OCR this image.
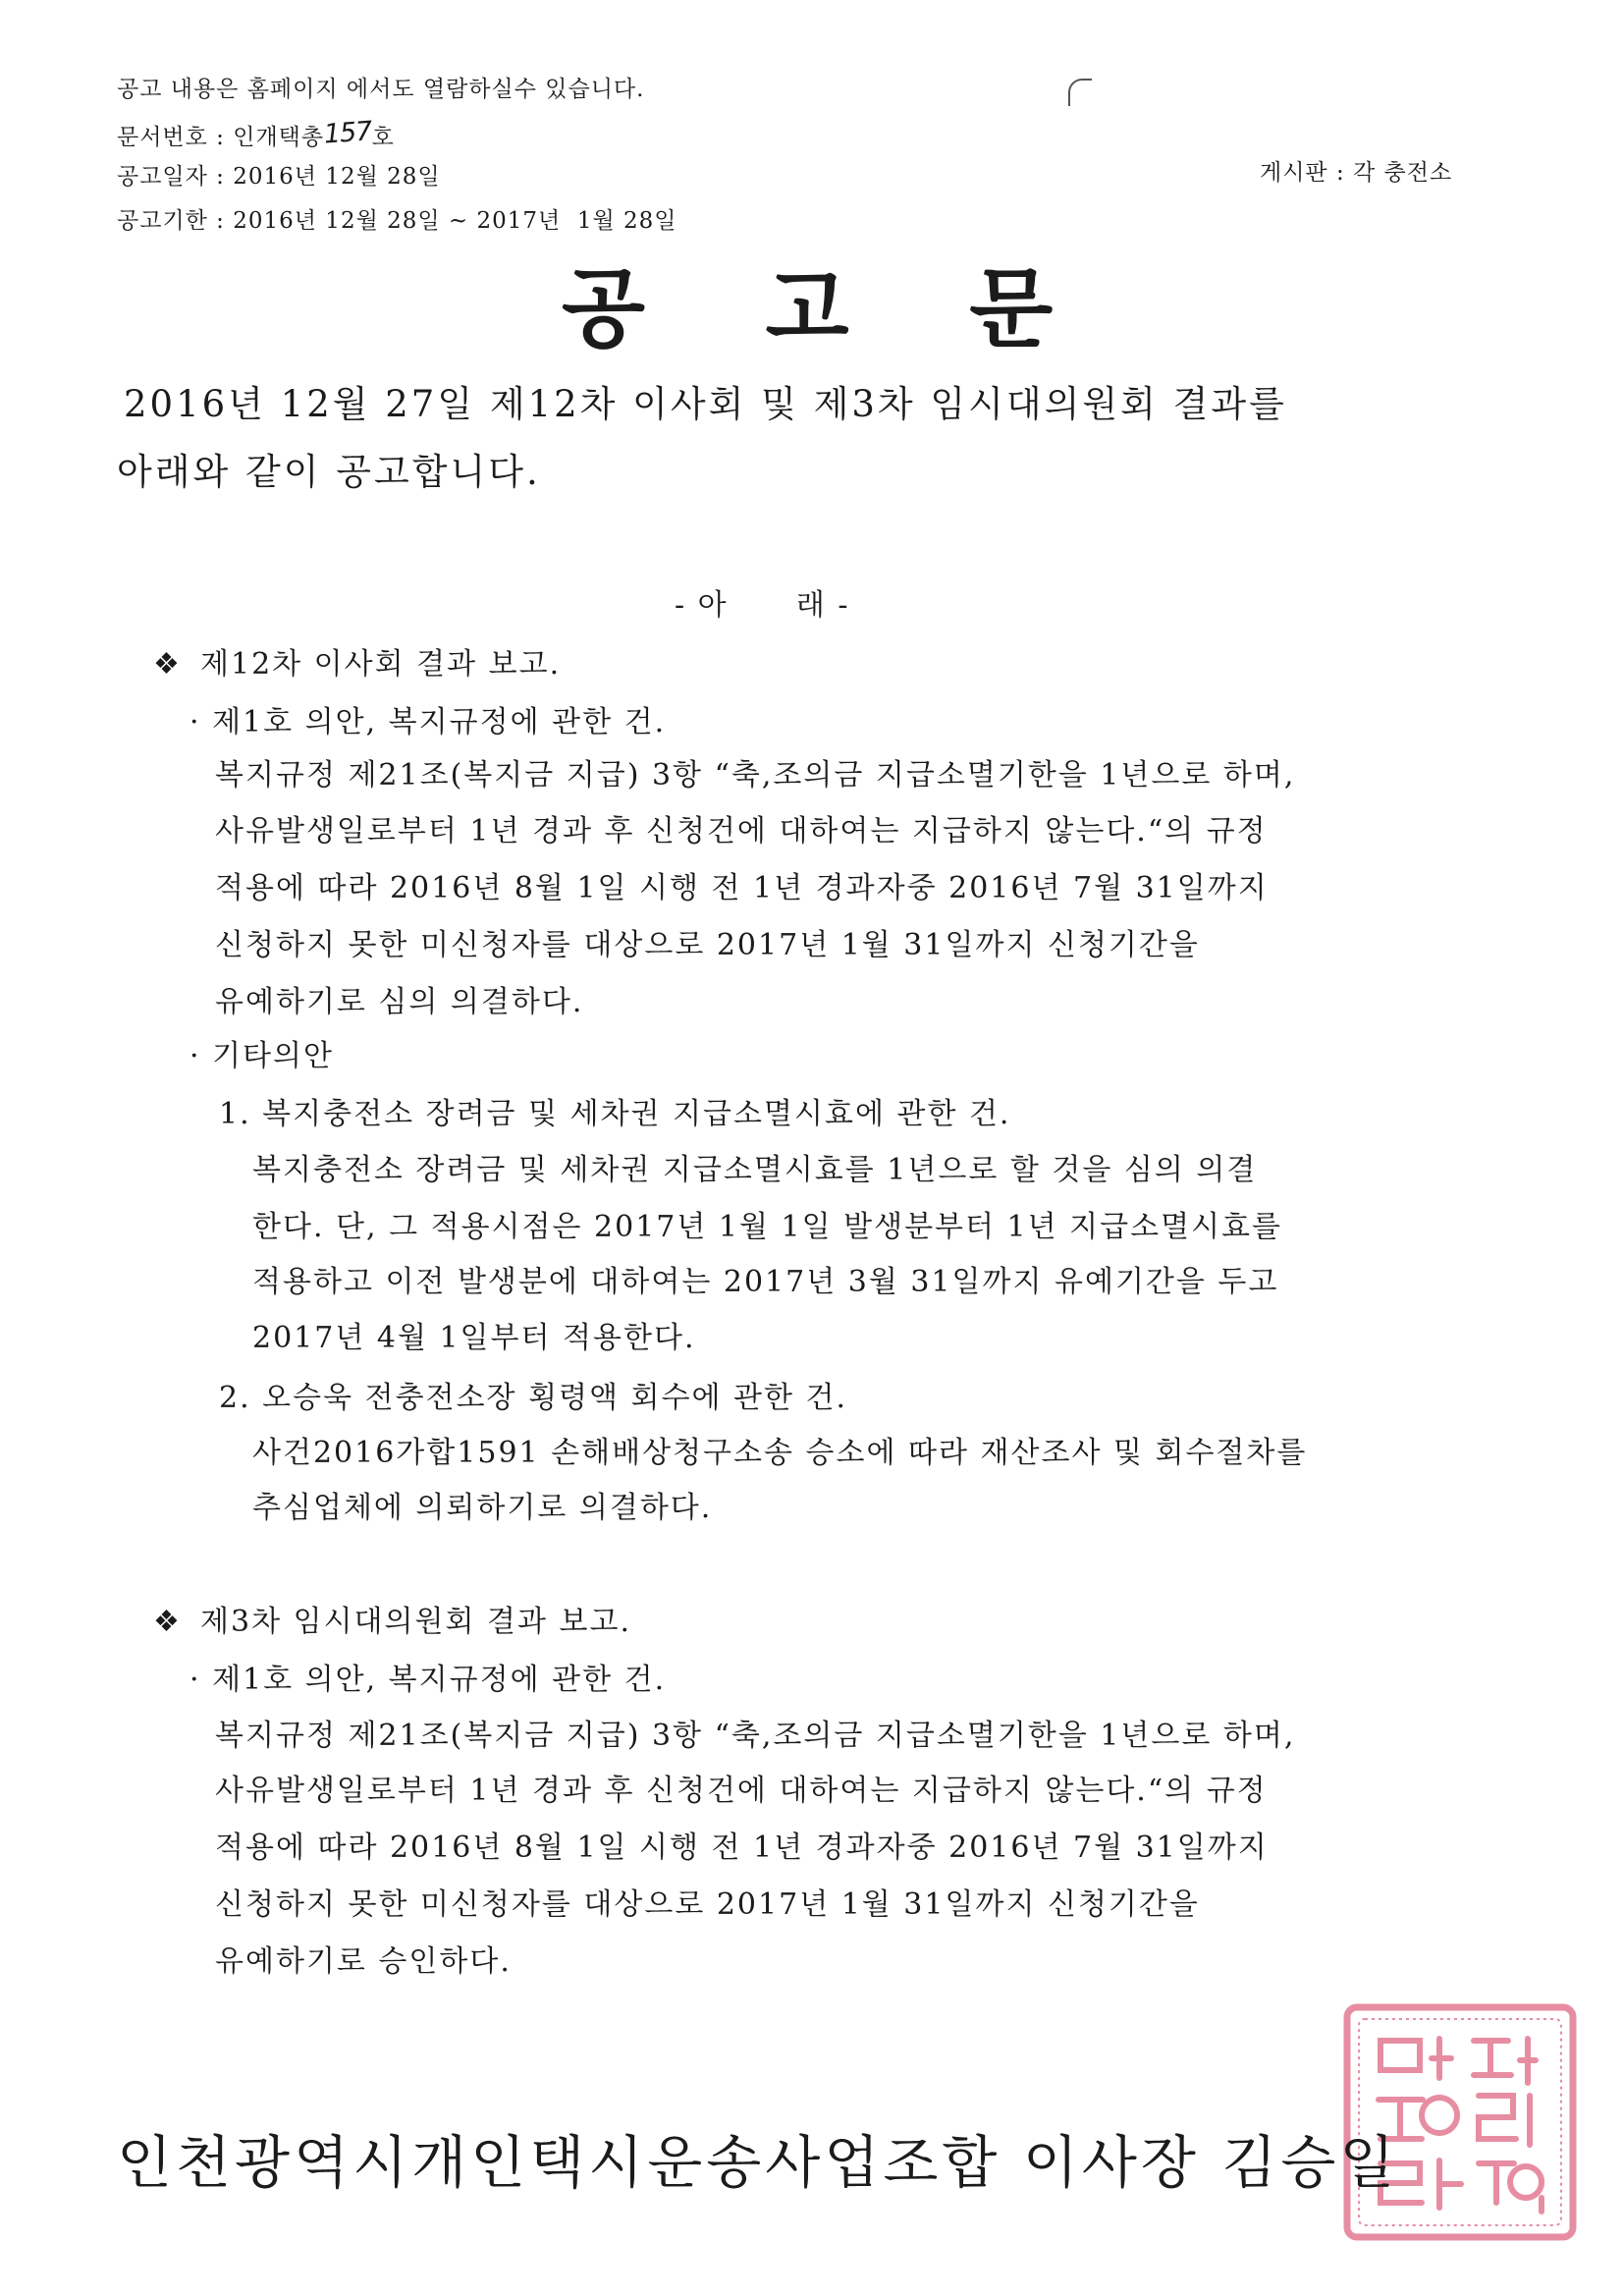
공고 내용은 홈페이지 에서도 열람하실수 있습니다.
문서번호 : 인개택총157호
공고일자 : 2016년 12월 28일
공고기한 : 2016년 12월 28일 ~ 2017년  1월 28일
게시판 : 각 충전소
공 고 문
2016년 12월 27일 제12차 이사회 및 제3차 임시대의원회 결과를
아래와 같이 공고합니다.
- 아      래 -
❖ 제12차 이사회 결과 보고.
· 제1호 의안, 복지규정에 관한 건.
복지규정 제21조(복지금 지급) 3항 “축,조의금 지급소멸기한을 1년으로 하며,
사유발생일로부터 1년 경과 후 신청건에 대하여는 지급하지 않는다.“의 규정
적용에 따라 2016년 8월 1일 시행 전 1년 경과자중 2016년 7월 31일까지
신청하지 못한 미신청자를 대상으로 2017년 1월 31일까지 신청기간을
유예하기로 심의 의결하다.
· 기타의안
1. 복지충전소 장려금 및 세차권 지급소멸시효에 관한 건.
복지충전소 장려금 및 세차권 지급소멸시효를 1년으로 할 것을 심의 의결
한다. 단, 그 적용시점은 2017년 1월 1일 발생분부터 1년 지급소멸시효를
적용하고 이전 발생분에 대하여는 2017년 3월 31일까지 유예기간을 두고
2017년 4월 1일부터 적용한다.
2. 오승욱 전충전소장 횡령액 회수에 관한 건.
사건2016가합1591 손해배상청구소송 승소에 따라 재산조사 및 회수절차를
추심업체에 의뢰하기로 의결하다.
❖ 제3차 임시대의원회 결과 보고.
· 제1호 의안, 복지규정에 관한 건.
복지규정 제21조(복지금 지급) 3항 “축,조의금 지급소멸기한을 1년으로 하며,
사유발생일로부터 1년 경과 후 신청건에 대하여는 지급하지 않는다.“의 규정
적용에 따라 2016년 8월 1일 시행 전 1년 경과자중 2016년 7월 31일까지
신청하지 못한 미신청자를 대상으로 2017년 1월 31일까지 신청기간을
유예하기로 승인하다.
인천광역시개인택시운송사업조합 이사장 김승일
